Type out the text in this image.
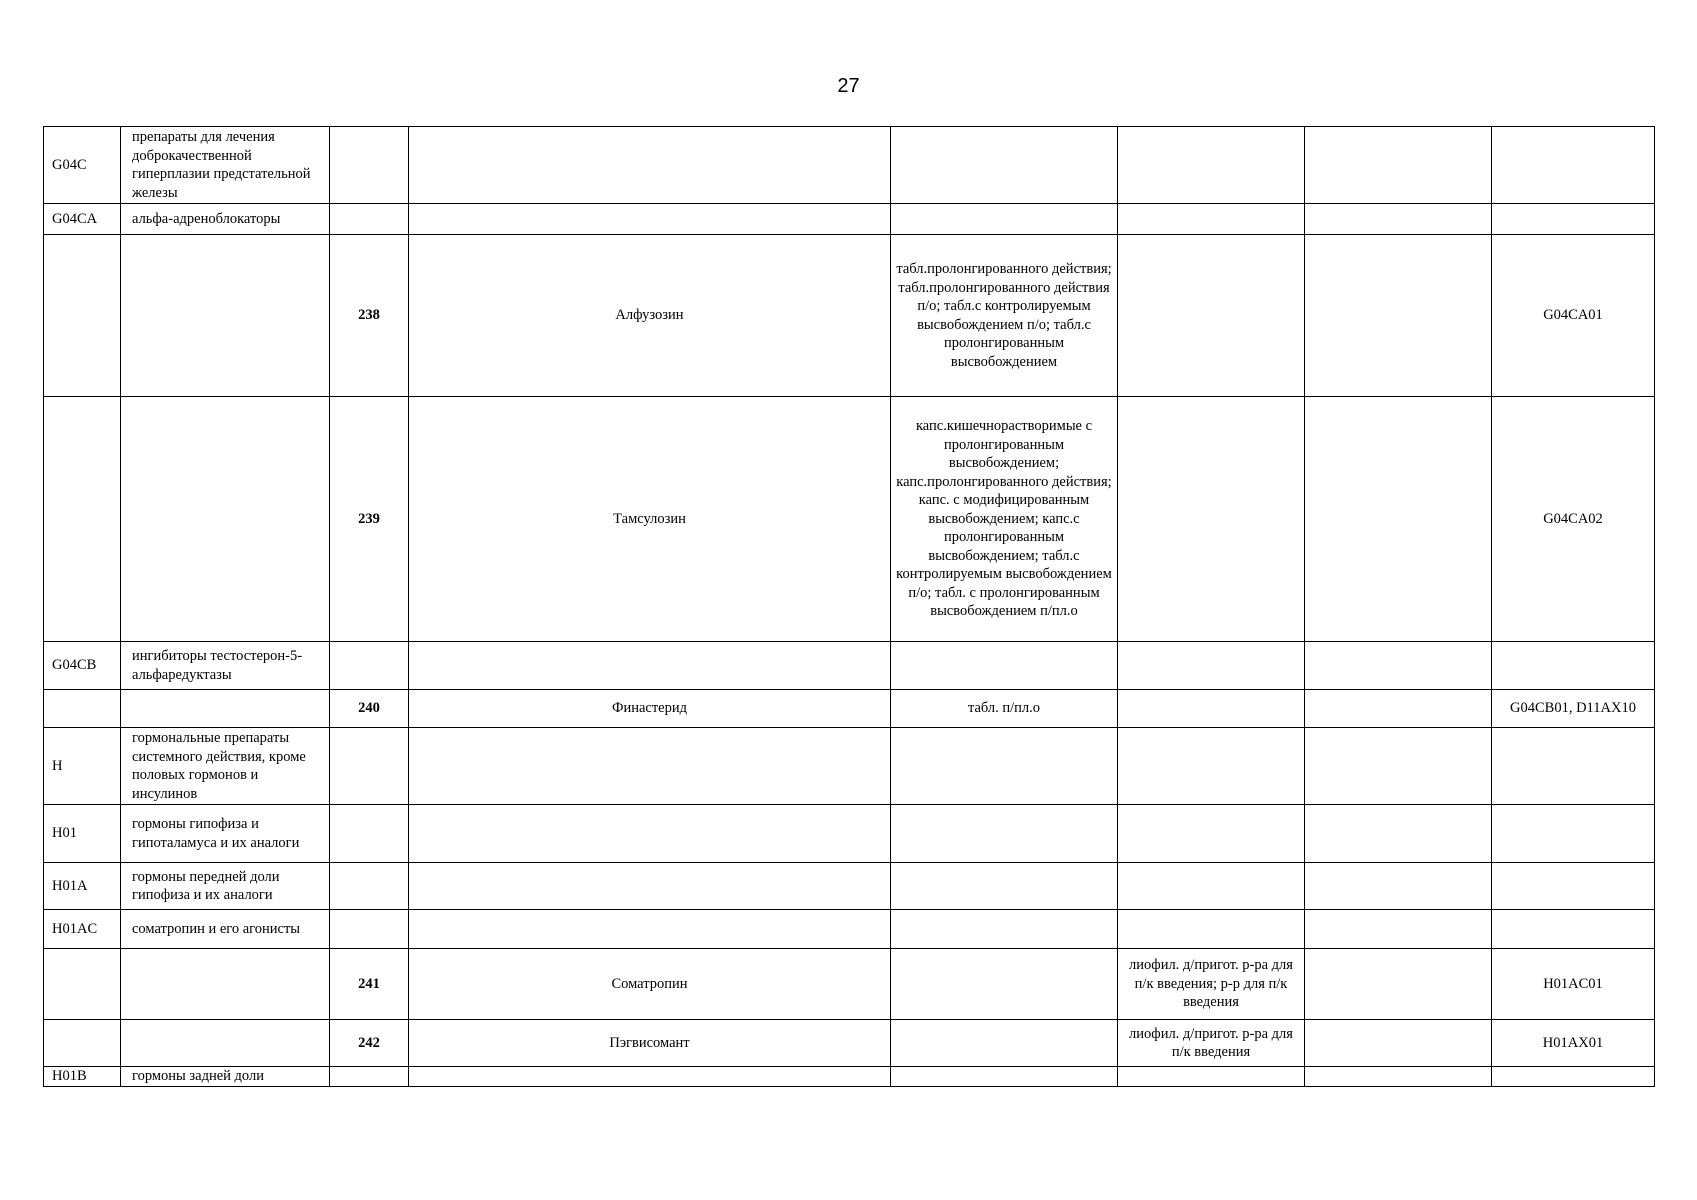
27
G04C	препараты для лечения доброкачественной гиперплазии предстательной железы						
G04CA	альфа-адреноблокаторы						
		238	Алфузозин	табл.пролонгированного действия; табл.пролонгированного действия п/о; табл.с контролируемым высвобождением п/о; табл.с пролонгированным высвобождением			G04CA01
		239	Тамсулозин	капс.кишечнорастворимые с пролонгированным высвобождением; капс.пролонгированного действия; капс. с модифицированным высвобождением; капс.с пролонгированным высвобождением; табл.с контролируемым высвобождением п/о; табл. с пролонгированным высвобождением п/пл.о			G04CA02
G04CB	ингибиторы тестостерон-5-альфаредуктазы						
		240	Финастерид	табл. п/пл.о			G04CB01, D11AX10
H	гормональные препараты системного действия, кроме половых гормонов и инсулинов						
H01	гормоны гипофиза и гипоталамуса и их аналоги						
H01A	гормоны передней доли гипофиза и их аналоги						
H01AC	соматропин и его агонисты						
		241	Соматропин		лиофил. д/пригот. р-ра для п/к введения; р-р для п/к введения		H01AC01
		242	Пэгвисомант		лиофил. д/пригот. р-ра для п/к введения		H01AX01
H01B	гормоны задней доли						
